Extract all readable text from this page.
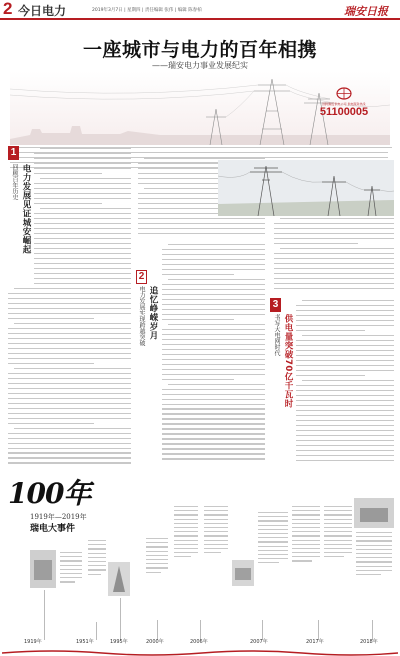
2 今日电力	2019年3月7日 | 星期四 | 责任编辑 张伟 | 编辑 陈春柏	瑞安日报
一座城市与电力的百年相携
——瑞安电力事业发展纪实
国网瑞安供电公司 供电服务热线
51100005
1
回顾百年历史 电力发展见证城安崛起
2
追忆峥嵘岁月
电力发展实现跨越突破	3
供电量突破70亿千瓦时
书写大电网时代
100年
1919年—2019年
瑞电大事件
1919年	1951年	1995年	2000年	2006年	2007年	2017年	2018年
